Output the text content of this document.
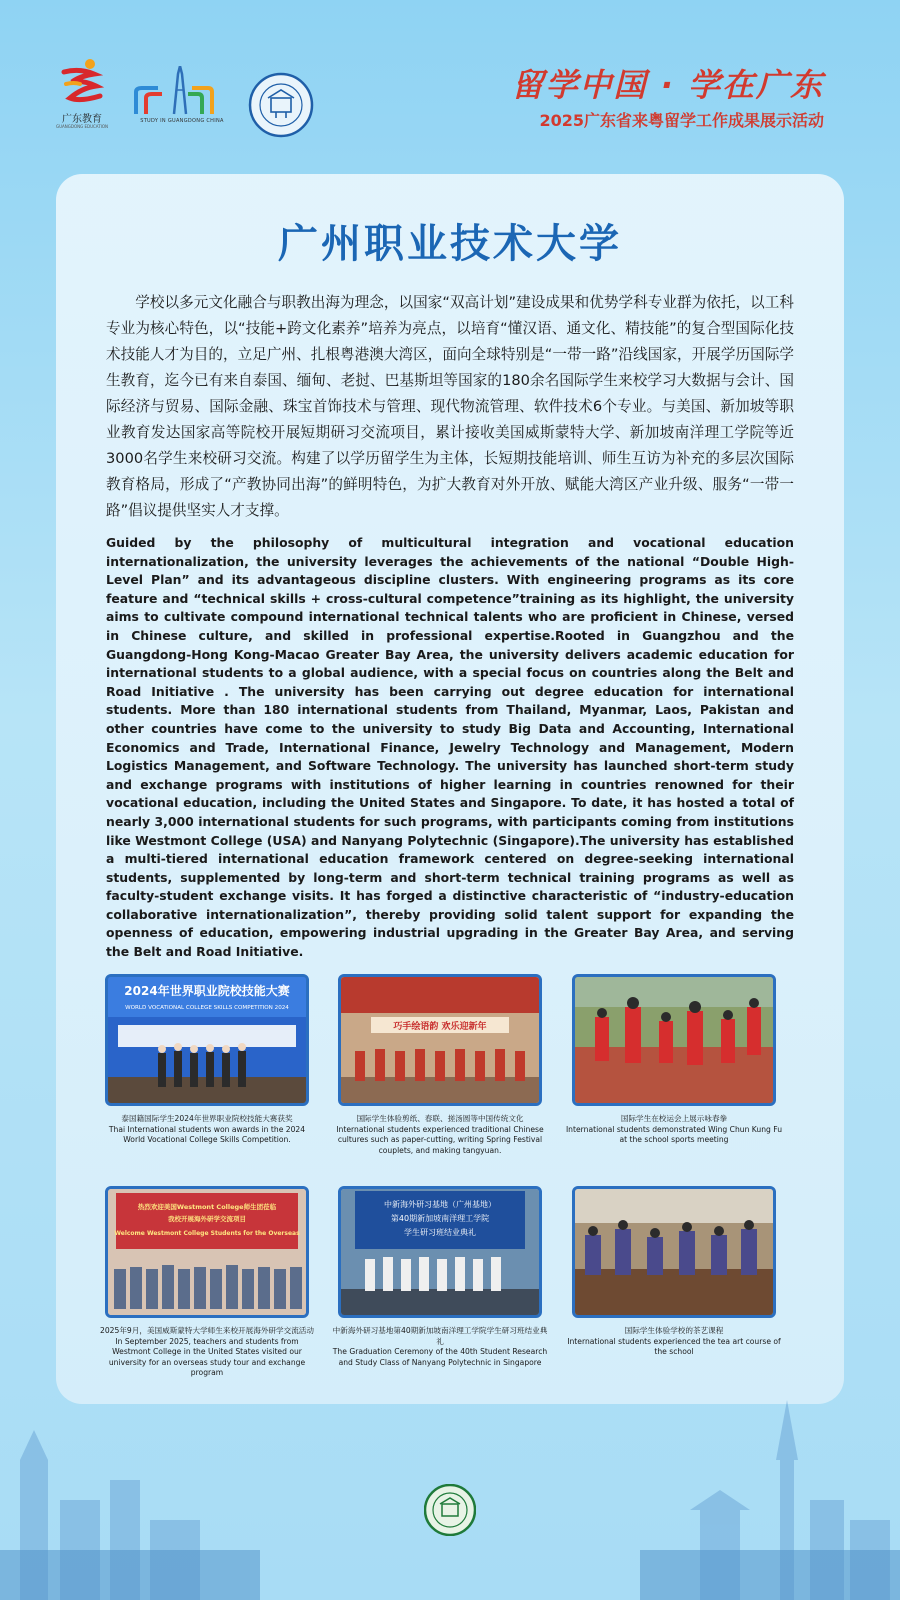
广东教育
GUANGDONG EDUCATION
STUDY IN GUANGDONG CHINA
留学中国 · 学在广东
2025广东省来粤留学工作成果展示活动
广州职业技术大学
学校以多元文化融合与职教出海为理念，以国家“双高计划”建设成果和优势学科专业群为依托，以工科专业为核心特色，以“技能+跨文化素养”培养为亮点，以培育“懂汉语、通文化、精技能”的复合型国际化技术技能人才为目的，立足广州、扎根粤港澳大湾区，面向全球特别是“一带一路”沿线国家，开展学历国际学生教育，迄今已有来自泰国、缅甸、老挝、巴基斯坦等国家的180余名国际学生来校学习大数据与会计、国际经济与贸易、国际金融、珠宝首饰技术与管理、现代物流管理、软件技术6个专业。与美国、新加坡等职业教育发达国家高等院校开展短期研习交流项目，累计接收美国威斯蒙特大学、新加坡南洋理工学院等近3000名学生来校研习交流。构建了以学历留学生为主体，长短期技能培训、师生互访为补充的多层次国际教育格局，形成了“产教协同出海”的鲜明特色，为扩大教育对外开放、赋能大湾区产业升级、服务“一带一路”倡议提供坚实人才支撑。
Guided by the philosophy of multicultural integration and vocational education internationalization, the university leverages the achievements of the national “Double High-Level Plan” and its advantageous discipline clusters. With engineering programs as its core feature and “technical skills + cross-cultural competence”training as its highlight, the university aims to cultivate compound international technical talents who are proficient in Chinese, versed in Chinese culture, and skilled in professional expertise.Rooted in Guangzhou and the Guangdong-Hong Kong-Macao Greater Bay Area, the university delivers academic education for international students to a global audience, with a special focus on countries along the Belt and Road Initiative . The university has been carrying out degree education for international students. More than 180 international students from Thailand, Myanmar, Laos, Pakistan and other countries have come to the university to study Big Data and Accounting, International Economics and Trade, International Finance, Jewelry Technology and Management, Modern Logistics Management, and Software Technology. The university has launched short-term study and exchange programs with institutions of higher learning in countries renowned for their vocational education, including the United States and Singapore. To date, it has hosted a total of nearly 3,000 international students for such programs, with participants coming from institutions like Westmont College (USA) and Nanyang Polytechnic (Singapore).The university has established a multi-tiered international education framework centered on degree-seeking international students, supplemented by long-term and short-term technical training programs as well as faculty-student exchange visits. It has forged a distinctive characteristic of “industry-education collaborative internationalization”, thereby providing solid talent support for expanding the openness of education, empowering industrial upgrading in the Greater Bay Area, and serving the Belt and Road Initiative.
2024年世界职业院校技能大赛
WORLD VOCATIONAL COLLEGE SKILLS COMPETITION 2024
泰国籍国际学生2024年世界职业院校技能大赛获奖
Thai International students won awards in the 2024 World Vocational College Skills Competition.
巧手绘语韵 欢乐迎新年
国际学生体验剪纸、春联、搓汤圆等中国传统文化
International students experienced traditional Chinese cultures such as paper-cutting, writing Spring Festival couplets, and making tangyuan.
国际学生在校运会上展示咏春拳
International students demonstrated Wing Chun Kung Fu at the school sports meeting
热烈欢迎美国Westmont College师生团莅临
我校开展海外研学交流项目
Welcome Westmont College Students for the Overseas
2025年9月，美国威斯蒙特大学师生来校开展海外研学交流活动
In September 2025, teachers and students from Westmont College in the United States visited our university for an overseas study tour and exchange program
中新海外研习基地（广州基地）
第40期新加坡南洋理工学院
学生研习班结业典礼
中新海外研习基地第40期新加坡南洋理工学院学生研习班结业典礼
The Graduation Ceremony of the 40th Student Research and Study Class of Nanyang Polytechnic in Singapore
国际学生体验学校的茶艺课程
International students experienced the tea art course of the school
